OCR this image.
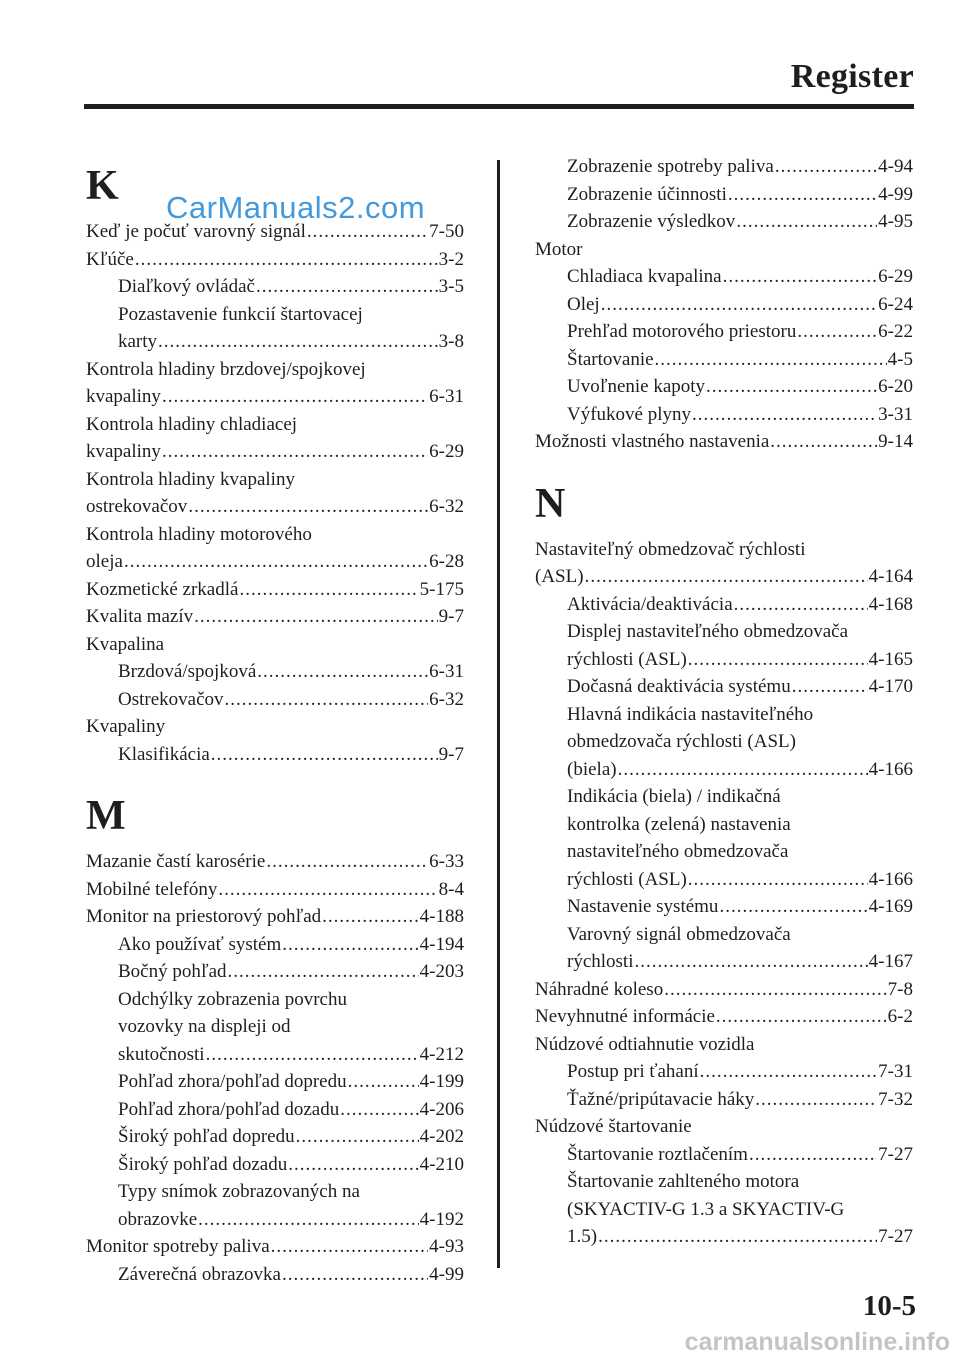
Register
CarManuals2.com
K
Keď je počuť varovný signál .....	7-50
Kľúče .....	3-2
Diaľkový ovládač .....	3-5
Pozastavenie funkcií štartovacej
karty .....	3-8
Kontrola hladiny brzdovej/spojkovej
kvapaliny .....	6-31
Kontrola hladiny chladiacej
kvapaliny .....	6-29
Kontrola hladiny kvapaliny
ostrekovačov .....	6-32
Kontrola hladiny motorového
oleja .....	6-28
Kozmetické zrkadlá .....	5-175
Kvalita mazív .....	9-7
Kvapalina
Brzdová/spojková .....	6-31
Ostrekovačov .....	6-32
Kvapaliny
Klasifikácia .....	9-7
M
Mazanie častí karosérie .....	6-33
Mobilné telefóny .....	8-4
Monitor na priestorový pohľad .....	4-188
Ako používať systém .....	4-194
Bočný pohľad .....	4-203
Odchýlky zobrazenia povrchu
vozovky na displeji od
skutočnosti .....	4-212
Pohľad zhora/pohľad dopredu .....	4-199
Pohľad zhora/pohľad dozadu .....	4-206
Široký pohľad dopredu .....	4-202
Široký pohľad dozadu .....	4-210
Typy snímok zobrazovaných na
obrazovke .....	4-192
Monitor spotreby paliva .....	4-93
Záverečná obrazovka .....	4-99
Zobrazenie spotreby paliva .....	4-94
Zobrazenie účinnosti .....	4-99
Zobrazenie výsledkov .....	4-95
Motor
Chladiaca kvapalina .....	6-29
Olej .....	6-24
Prehľad motorového priestoru .....	6-22
Štartovanie .....	4-5
Uvoľnenie kapoty .....	6-20
Výfukové plyny .....	3-31
Možnosti vlastného nastavenia .....	9-14
N
Nastaviteľný obmedzovač rýchlosti
(ASL) .....	4-164
Aktivácia/deaktivácia .....	4-168
Displej nastaviteľného obmedzovača
rýchlosti (ASL) .....	4-165
Dočasná deaktivácia systému .....	4-170
Hlavná indikácia nastaviteľného
obmedzovača rýchlosti (ASL)
(biela) .....	4-166
Indikácia (biela) / indikačná
kontrolka (zelená) nastavenia
nastaviteľného obmedzovača
rýchlosti (ASL) .....	4-166
Nastavenie systému .....	4-169
Varovný signál obmedzovača
rýchlosti .....	4-167
Náhradné koleso .....	7-8
Nevyhnutné informácie .....	6-2
Núdzové odtiahnutie vozidla
Postup pri ťahaní .....	7-31
Ťažné/pripútavacie háky .....	7-32
Núdzové štartovanie
Štartovanie roztlačením .....	7-27
Štartovanie zahlteného motora
(SKYACTIV-G 1.3 a SKYACTIV-G
1.5) .....	7-27
10-5
carmanualsonline.info
